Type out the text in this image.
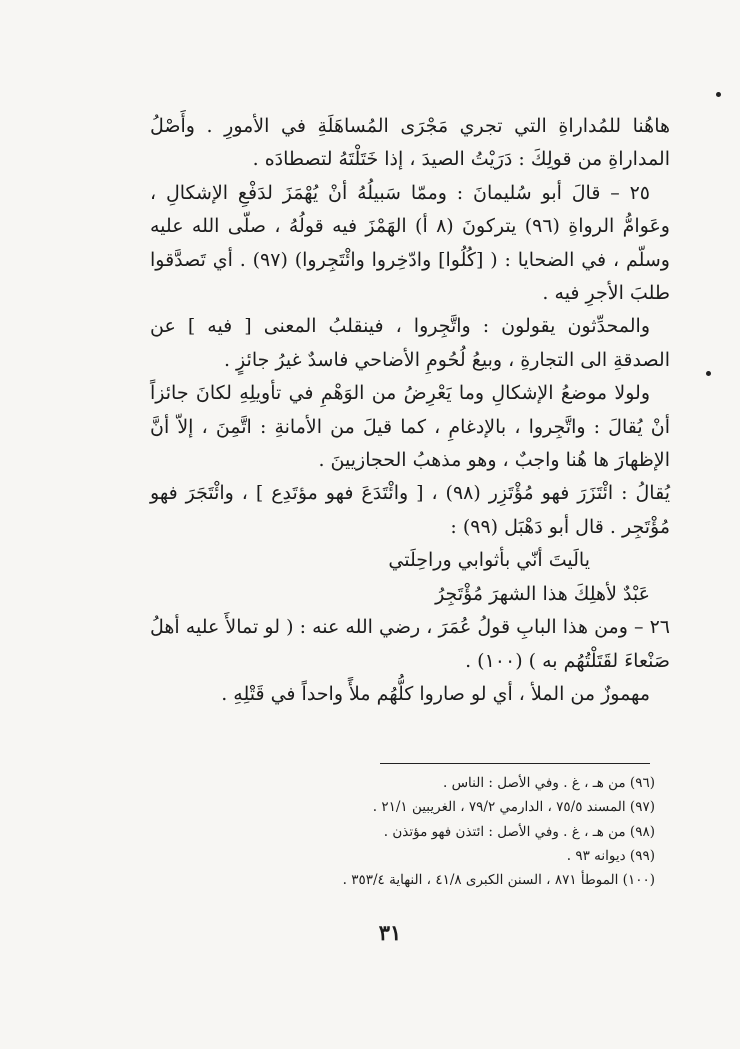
هاهُنا للمُداراةِ التي تجري مَجْرَى المُساهَلَةِ في الأمورِ . وأَصْلُ المداراةِ من قولِكَ : دَرَيْتُ الصيدَ ، إذا خَتَلْتَهُ لتصطادَه .

٢٥ – قالَ أبو سُليمانَ : وممّا سَبيلُهُ أنْ يُهْمَزَ لدَفْعِ الإشكالِ ، وعَوامُّ الرواةِ (٩٦) يتركونَ (٨ أ) الهَمْزَ فيه قولُهُ ، صلّى الله عليه وسلّم ، في الضحايا : ( [كُلُوا] وادّخِروا وائْتَجِروا) (٩٧) . أي تَصدَّقوا طلبَ الأجرِ فيه .

والمحدِّثون يقولون : واتَّجِروا ، فينقلبُ المعنى [ فيه ] عن الصدقةِ الى التجارةِ ، وبيعُ لُحُومِ الأضاحي فاسدٌ غيرُ جائزٍ .

ولولا موضعُ الإشكالِ وما يَعْرِضُ من الوَهْمِ في تأويلِهِ لكانَ جائزاً أنْ يُقالَ : واتَّجِروا ، بالإدغامِ ، كما قيلَ من الأمانةِ : اتَّمِنَ ، إلاّ أنَّ الإظهارَ ها هُنا واجبٌ ، وهو مذهبُ الحجازيينَ .

يُقالُ : ائْتَزَرَ فهو مُؤْتَزِر (٩٨) ، [ وائْتَدَعَ فهو مؤتَدِع ] ، وائْتَجَرَ فهو مُؤْتَجِر . قال أبو دَهْبَل (٩٩) :

يالَيتَ أنّي بأثوابي وراحِلَتي

عَبْدٌ لأهلِكَ هذا الشهرَ مُؤْتَجِرُ

٢٦ – ومن هذا البابِ قولُ عُمَرَ ، رضي الله عنه : ( لو تمالأَ عليه أهلُ صَنْعاءَ لقَتَلْتُهُم به ) (١٠٠) .

مهموزٌ من الملأ ، أي لو صاروا كلُّهُم ملأً واحداً في قَتْلِهِ .

(٩٦) من هـ ، غ . وفي الأصل : الناس .

(٩٧) المسند ٧٥/٥ ، الدارمي ٧٩/٢ ، الغريبين ٢١/١ .

(٩٨) من هـ ، غ . وفي الأصل : ائتذن فهو مؤتذن .

(٩٩) ديوانه ٩٣ .

(١٠٠) الموطأ ٨٧١ ، السنن الكبرى ٤١/٨ ، النهاية ٣٥٣/٤ .

٣١
